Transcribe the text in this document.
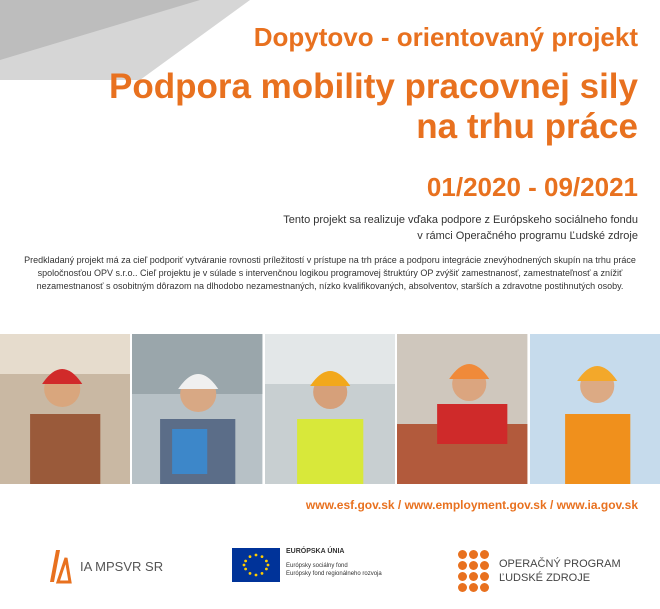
Dopytovo - orientovaný projekt
Podpora mobility pracovnej sily na trhu práce
01/2020 - 09/2021
Tento projekt sa realizuje vďaka podpore z Európskeho sociálneho fondu
v rámci Operačného programu Ľudské zdroje
Predkladaný projekt má za cieľ podporiť vytváranie rovnosti príležitostí v prístupe na trh práce a podporu integrácie znevýhodnených skupín na trhu práce spoločnosťou OPV s.r.o.. Cieľ projektu je v súlade s intervenčnou logikou programovej štruktúry OP zvýšiť zamestnanosť, zamestnateľnosť a znížiť nezamestnanosť s osobitným dôrazom na dlhodobo nezamestnaných, nízko kvalifikovaných, absolventov, starších a zdravotne postihnutých osoby.
www.esf.gov.sk / www.employment.gov.sk / www.ia.gov.sk
IA MPSVR SR
EURÓPSKA ÚNIA
Európsky sociálny fond
Európsky fond regionálneho rozvoja
OPERAČNÝ PROGRAM
ĽUDSKÉ ZDROJE
